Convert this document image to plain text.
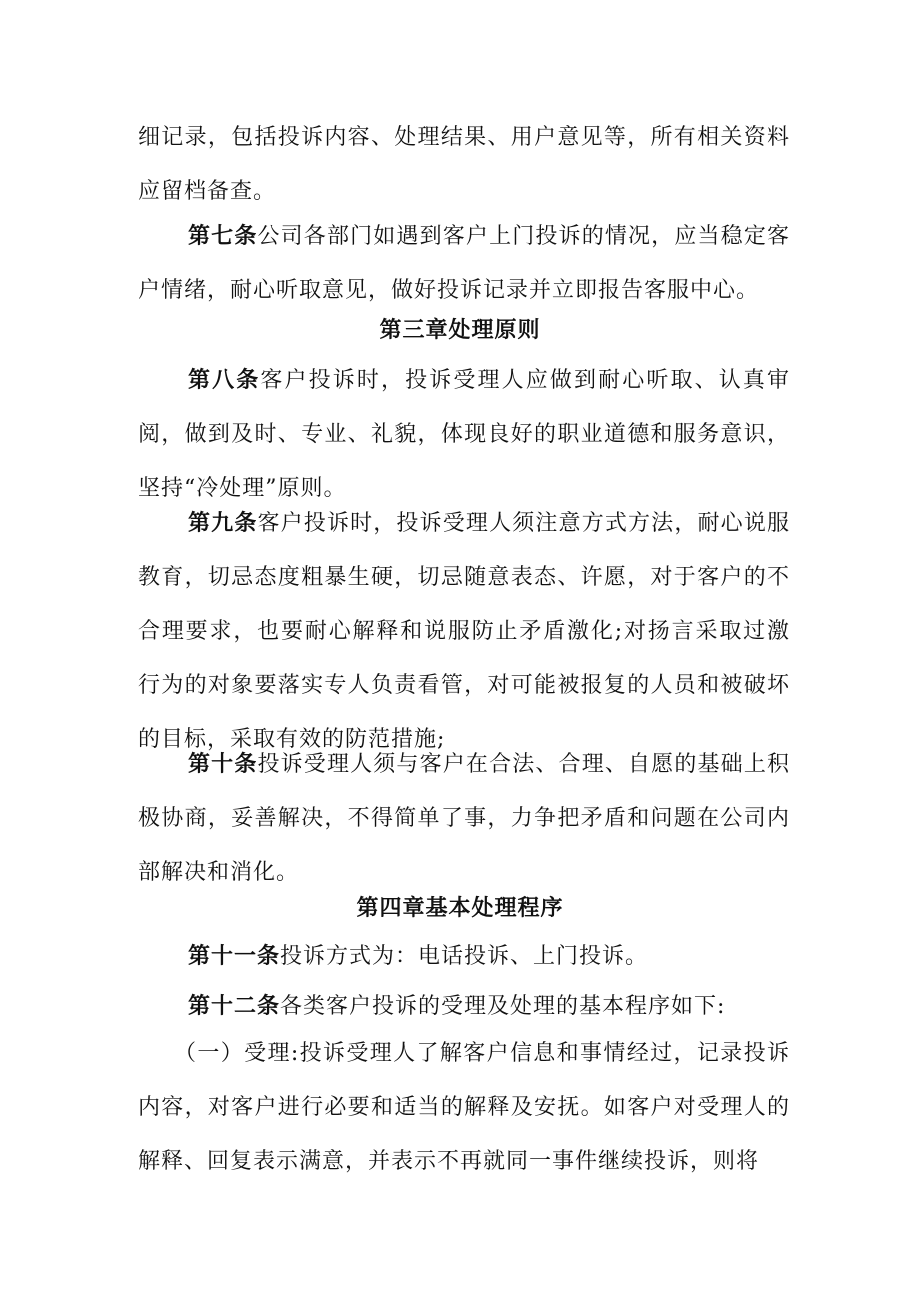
细记录，包括投诉内容、处理结果、用户意见等，所有相关资料应留档备查。

第七条公司各部门如遇到客户上门投诉的情况，应当稳定客户情绪，耐心听取意见，做好投诉记录并立即报告客服中心。

第三章处理原则

第八条客户投诉时，投诉受理人应做到耐心听取、认真审阅，做到及时、专业、礼貌，体现良好的职业道德和服务意识，坚持“冷处理”原则。

第九条客户投诉时，投诉受理人须注意方式方法，耐心说服教育，切忌态度粗暴生硬，切忌随意表态、许愿，对于客户的不合理要求，也要耐心解释和说服防止矛盾激化;对扬言采取过激行为的对象要落实专人负责看管，对可能被报复的人员和被破坏的目标，采取有效的防范措施;

第十条投诉受理人须与客户在合法、合理、自愿的基础上积极协商，妥善解决，不得简单了事，力争把矛盾和问题在公司内部解决和消化。

第四章基本处理程序

第十一条投诉方式为：电话投诉、上门投诉。

第十二条各类客户投诉的受理及处理的基本程序如下:

（一）受理:投诉受理人了解客户信息和事情经过，记录投诉内容，对客户进行必要和适当的解释及安抚。如客户对受理人的解释、回复表示满意，并表示不再就同一事件继续投诉，则将
